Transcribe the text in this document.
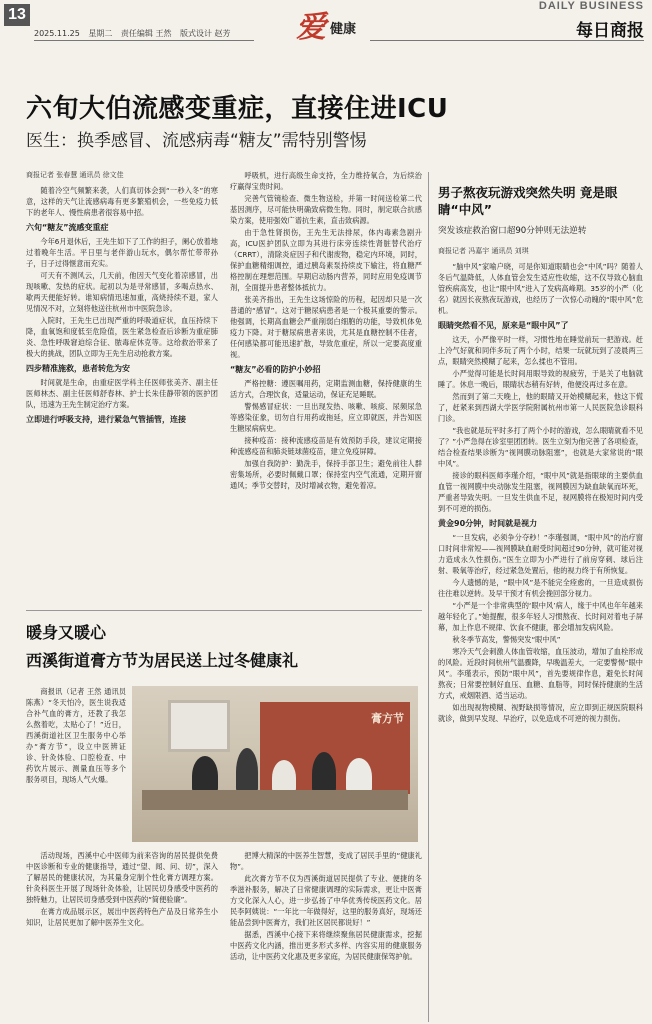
13
2025.11.25 星期二 责任编辑 王然 版式设计 赵芳 爱 健康
DAILY BUSINESS
每日商报
六旬大伯流感变重症，直接住进ICU
医生：换季感冒、流感病毒“糖友”需特别警惕

商报记者 张春慧 通讯员 徐文佳

随着冷空气频繁来袭，人们真切体会到“一秒入冬”的寒意，这样的天气让流感病毒有更多繁殖机会，一些免疫力低下的老年人、慢性病患者很容易中招。

六旬“糖友”流感变重症

今年6月退休后，王先生如下了工作的担子，阑心放着地过着晚年生活。平日里与老伴游山玩水，偶尔帮忙带带孙子，日子过得惬意而充实。

可天有不测风云，几天前，他因天气变化着凉感冒，出现咳嗽、发热的症状。起初以为是寻常感冒，多喝点热水、歇两天便能好转。谁知病情迅速加重，高烧持续不退，家人见情况不对，立刻将他送往杭州市中医院急诊。

入院时，王先生已出现严重的呼吸道症状，血压持续下降，血氧饱和度低至危险值，医生紧急检查后诊断为重症肺炎、急性呼吸窘迫综合征、脓毒症休克等。这给救治带来了极大的挑战，团队立即为王先生启动抢救方案。

四步精准施救，患者转危为安

时间就是生命，由重症医学科主任医师张美齐、副主任医师林杰、副主任医师舒春林、护士长朱佳静带领的医护团队，迅速为王先生制定治疗方案。

立即进行呼吸支持，进行紧急气管插管，连接

呼吸机，进行高级生命支持，全力维持氧合，为后续治疗赢得宝贵时间。

完善气管镜检查、微生物送检，并第一时间送检第二代基因测序，尽可能快明确致病微生物。同时，制定联合抗感染方案，使用强效广谱抗生素，直击致病源。

由于急性肾损伤，王先生无法排尿，体内毒素急剧升高，ICU医护团队立即为其进行床旁连续性肾脏替代治疗（CRRT），清除炎症因子和代谢废物，稳定内环境，同时，保护血糖精细调控，通过胰岛素泵持续皮下输注，将血糖严格控制在理想范围。早期启动肠内营养，同时应用免疫调节剂，全面提升患者整体抵抗力。

张美齐指出，王先生这场惊险的历程，起因却只是一次普通的“感冒”。这对于糖尿病患者是一个极其重要的警示。他强调，长期高血糖会严重削弱白细胞的功能，导致机体免疫力下降。对于糖尿病患者来说，尤其是血糖控制不佳者，任何感染都可能迅速扩散，导致危重症，所以一定要高度重视。

“糖友”必看的防护小妙招

严格控糖：遵医嘱用药，定期监测血糖，保持健康的生活方式，合理饮食，适量运动，保证充足睡眠。

警惕感冒症状：一旦出现发热、咳嗽、咳痰、尿频尿急等感染征象，切勿自行用药或拖延，应立即就医，并告知医生糖尿病病史。

接种疫苗：接种流感疫苗是有效预防手段，建议定期接种流感疫苗和肺炎链球菌疫苗，建立免疫屏障。

加强自我防护：勤洗手，保持手部卫生；避免前往人群密集场所，必要时佩戴口罩；保持室内空气流通，定期开窗通风；季节交替时，及时增减衣物，避免着凉。

男子熬夜玩游戏突然失明 竟是眼睛“中风”
突发该症救治窗口超90分钟则无法逆转

商报记者 冯嘉宇 通讯员 刘琪

“脑中风”家喻户晓，可是你知道眼睛也会“中风”吗？随着人冬后气温降低，人体血管会发生适应性收缩，这不仅导致心脑血管疾病高发，也让“眼中风”进入了发病高峰期。35岁的小严（化名）就因长夜熬夜玩游戏，也经历了一次惊心动魄的“眼中风”危机。

眼睛突然看不见，原来是“眼中风”了

这天，小严像平时一样，习惯性地在睡觉前玩一把游戏。赶上冷气好就和同伴多玩了两个小时，结果一玩就玩到了凌晨两三点，眼睛突然模糊了起来，怎么揉也不管用。

小严觉得可能是长时间用眼导致的视疲劳，于是关了电脑就睡了。休息一晚后，眼睛状态稍有好转，他便没再过多在意。

然而到了第二天晚上，他的眼睛又开始模糊起来，他这下慌了，赶紧来到西湖大学医学院附属杭州市第一人民医院急诊眼科门诊。

“我也就是玩平时多打了两个小时的游戏，怎么眼睛就看不见了？”小严急得在诊室里团团转。医生立刻为他完善了各项检查，结合检查结果诊断为“视网膜动脉阻塞”，也就是大家常说的“眼中风”。

接诊的眼科医师李瑾介绍，“眼中风”就是指眼球的主要供血血管一视网膜中央动脉发生阻塞，视网膜因为缺血缺氧而坏死，严重者导致失明。一旦发生供血不足，视网膜将在极短时间内受到不可逆的损伤。

黄金90分钟，时间就是视力

“一旦发病，必须争分夺秒！”李瑾强调，“眼中风”的治疗窗口时间非常短——视网膜缺血耐受时间超过90分钟，就可能对视力造成永久性损伤。”医生立即为小严进行了前房穿刺、球后注射、吸氧等治疗，经过紧急处置后，他的视力终于有所恢复。

今人遗憾的是，“眼中风”是不能完全痊愈的，一旦造成损伤往往难以逆转。及早干预才有机会挽回部分视力。

“小严是一个非常典型的‘眼中风’病人，缘于中风也年年越来越年轻化了。”她提醒，很多年轻人习惯熬夜、长时间对着电子屏幕，加上作息不规律、饮食不健康，都会增加发病风险。

秋冬季节高发，警惕突发“眼中风”

寒冷天气会刺激人体血管收缩，血压波动，增加了血栓形成的风险。近段时间杭州气温骤降，早晚温差大，一定要警惕“眼中风”。李瑾表示，预防“眼中风”，首先要规律作息，避免长时间熬夜；日常要控制好血压、血糖、血脂等，同时保持健康的生活方式，戒烟限酒、适当运动。

如出现视物模糊、视野缺损等情况，应立即到正规医院眼科就诊，做到早发现、早治疗，以免造成不可逆的视力损伤。

暖身又暖心
西溪街道膏方节为居民送上过冬健康礼

商报讯（记者 王然 通讯员 陈燕）“冬天怕冷，医生说我适合补气血的膏方，还教了我怎么熬着吃，太贴心了！”近日，西溪街道社区卫生服务中心举办“膏方节”，设立中医辨证诊、针灸体验、口腔检查、中药饮片展示、测量血压等多个服务项目，现场人气火爆。

膏方节

活动现场，西溪中心中医师为前来咨询的居民提供免费中医诊断和专业的健康指导，通过“望、闻、问、切”，深入了解居民的健康状况，为其量身定制个性化膏方调理方案。针灸科医生开展了现场针灸体验，让居民切身感受中医药的独特魅力，让居民切身感受到中医药的“简便验廉”。

在膏方成品展示区，展出中医药特色产品及日常养生小知识，让居民更加了解中医养生文化。

把博大精深的中医养生智慧，变成了居民手里的“健康礼物”。

此次膏方节不仅为西溪街道居民提供了专业、便捷的冬季滋补服务，解决了日常健康调理的实际需求，更让中医膏方文化深入人心，进一步弘扬了中华优秀传统医药文化。居民李阿姨说：“一年比一年做得好，这里的服务真好，现场还能品尝到中医膏方，我们社区居民都说好！”

据悉，西溪中心接下来将继续聚焦居民健康需求，挖掘中医药文化内涵，推出更多形式多样、内容实用的健康服务活动，让中医药文化惠及更多家庭，为居民健康保驾护航。
